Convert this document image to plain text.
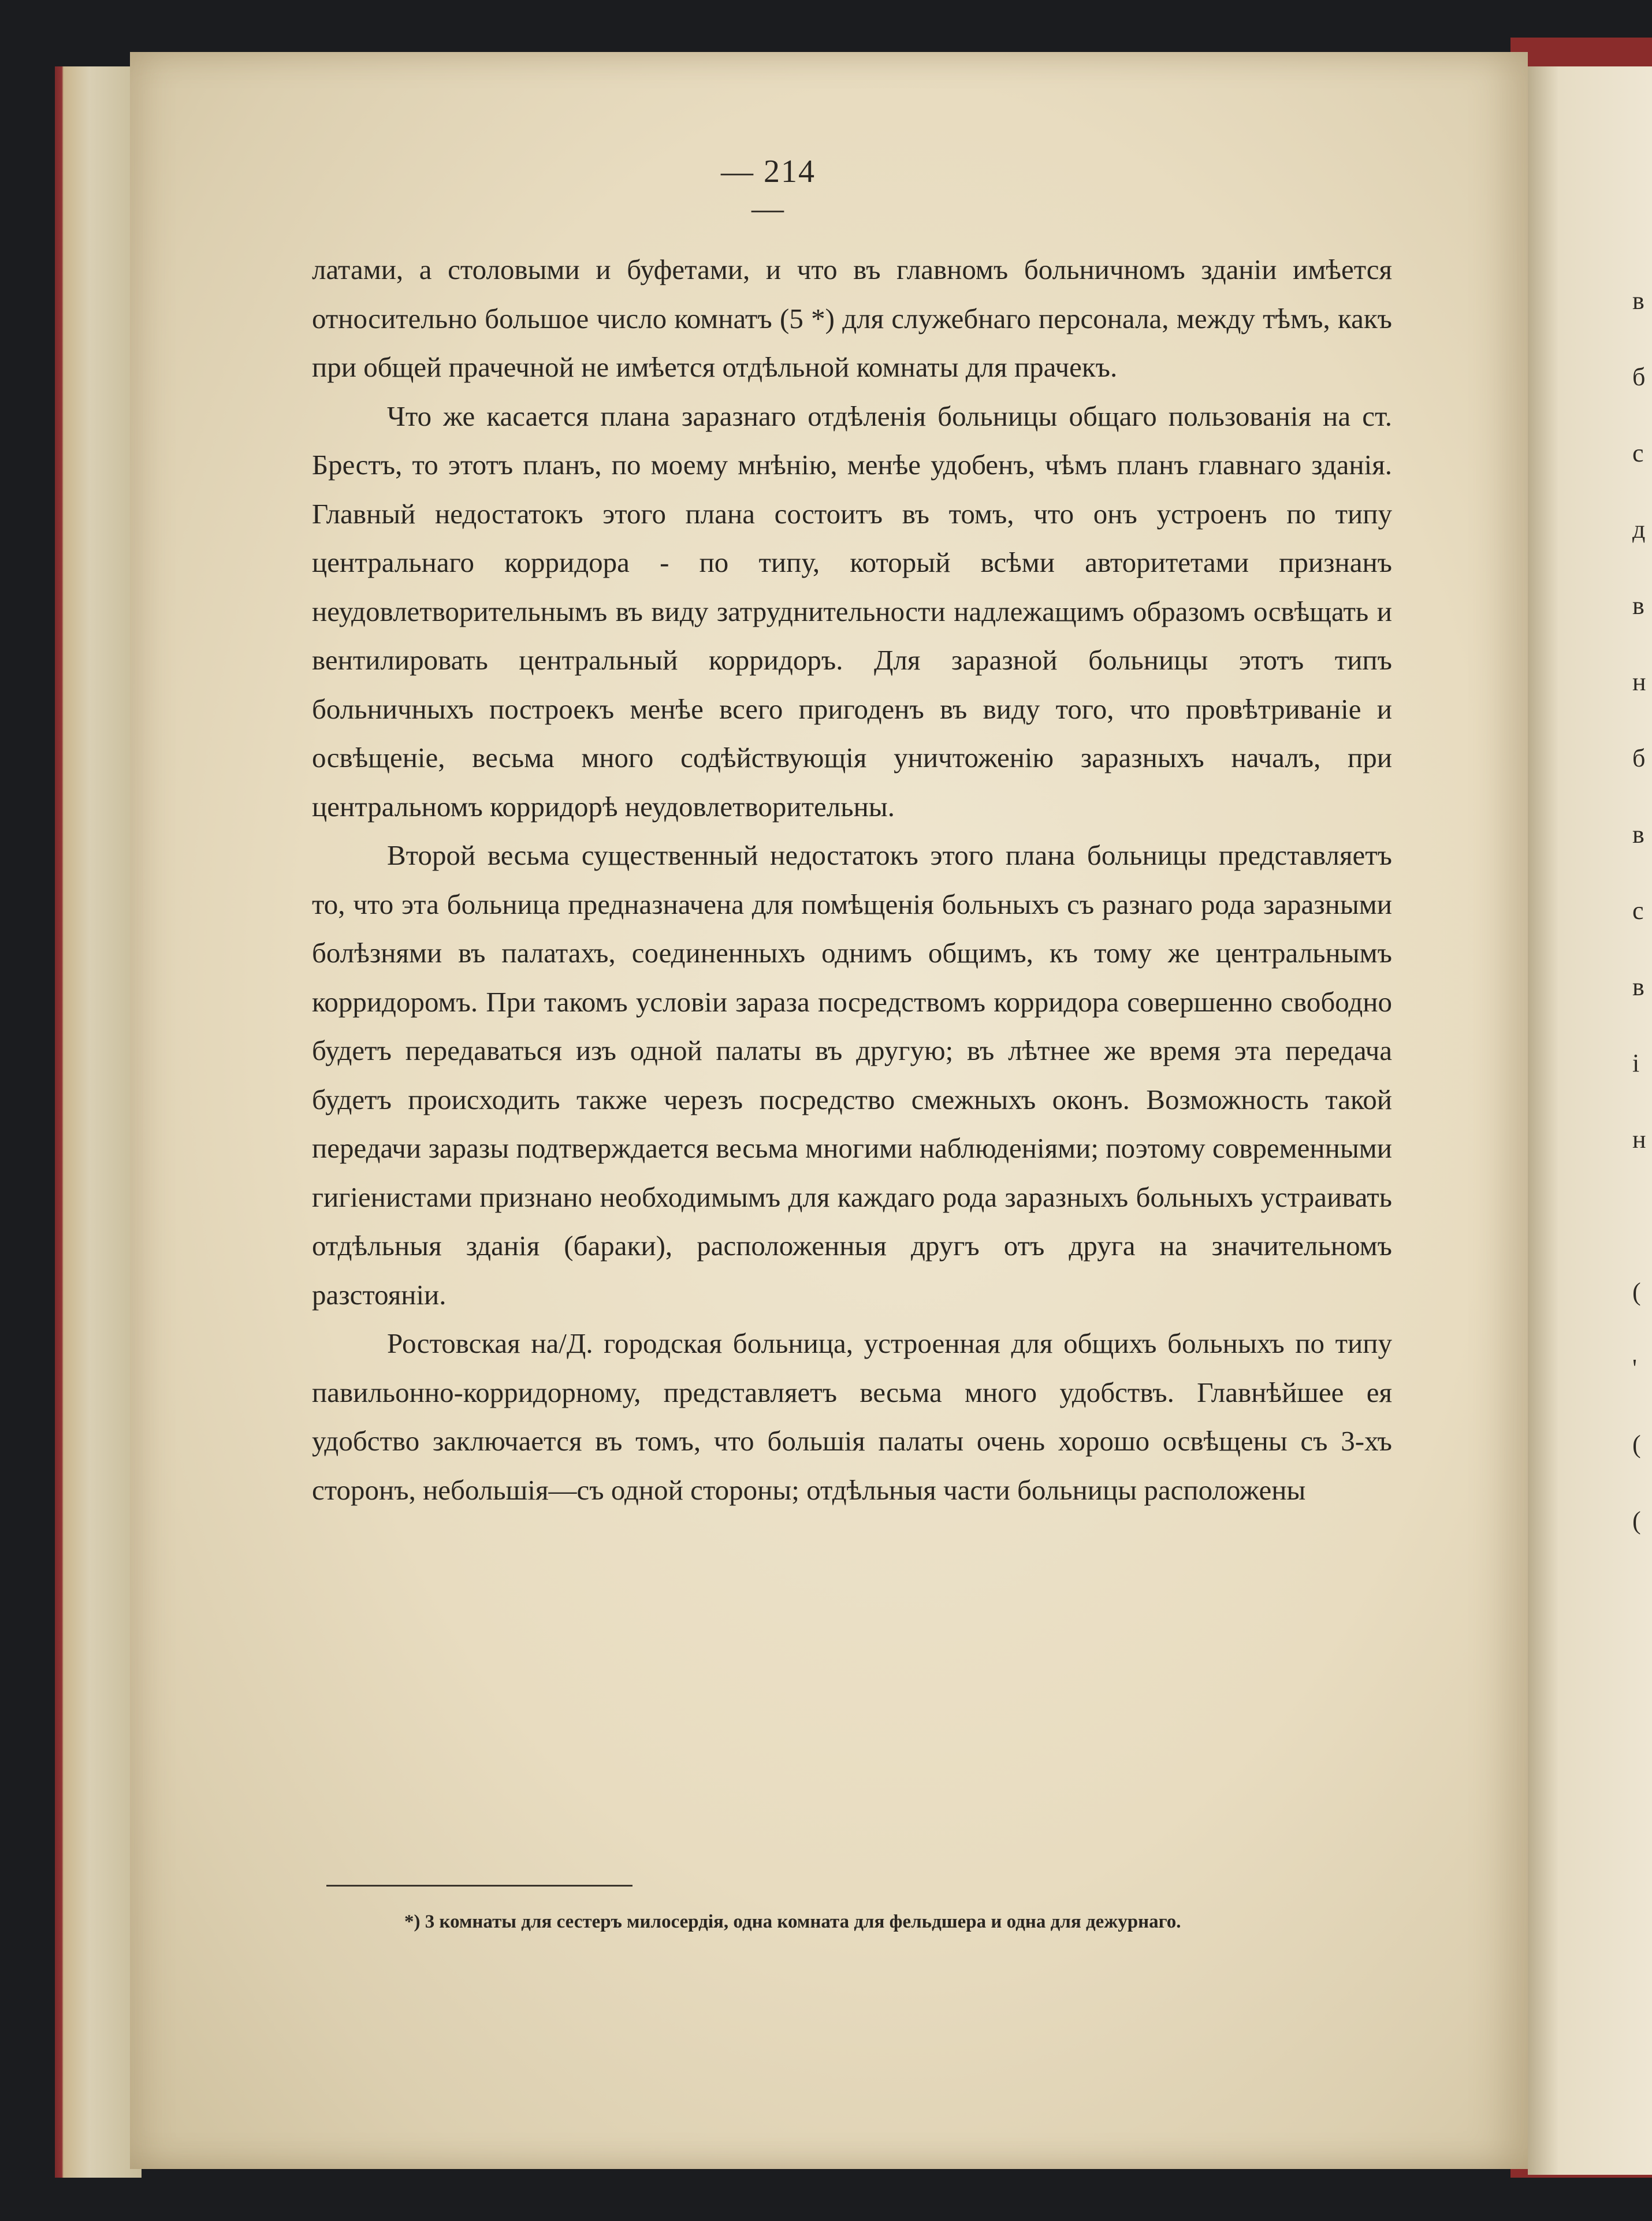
в
б
с
д
в
н
б
в
с
в
і
н

(
'
(
(
— 214 —

латами, а столовыми и буфетами, и что въ главномъ больничномъ зданіи имѣется относительно большое число комнатъ (5 *) для служебнаго персонала, между тѣмъ, какъ при общей прачечной не имѣется отдѣльной комнаты для прачекъ.

Что же касается плана заразнаго отдѣленія больницы общаго пользованія на ст. Брестъ, то этотъ планъ, по моему мнѣнію, менѣе удобенъ, чѣмъ планъ главнаго зданія. Главный недостатокъ этого плана состоитъ въ томъ, что онъ устроенъ по типу центральнаго корридора - по типу, который всѣми авторитетами признанъ неудовлетворительнымъ въ виду затруднительности надлежащимъ образомъ освѣщать и вентилировать центральный корридоръ. Для заразной больницы этотъ типъ больничныхъ построекъ менѣе всего пригоденъ въ виду того, что провѣтриваніе и освѣщеніе, весьма много содѣйствующія уничтоженію заразныхъ началъ, при центральномъ корридорѣ неудовлетворительны.

Второй весьма существенный недостатокъ этого плана больницы представляетъ то, что эта больница предназначена для помѣщенія больныхъ съ разнаго рода заразными болѣзнями въ палатахъ, соединенныхъ однимъ общимъ, къ тому же центральнымъ корридоромъ. При такомъ условіи зараза посредствомъ корридора совершенно свободно будетъ передаваться изъ одной палаты въ другую; въ лѣтнее же время эта передача будетъ происходить также черезъ посредство смежныхъ оконъ. Возможность такой передачи заразы подтверждается весьма многими наблюденіями; поэтому современными гигіенистами признано необходимымъ для каждаго рода заразныхъ больныхъ устраивать отдѣльныя зданія (бараки), расположенныя другъ отъ друга на значительномъ разстояніи.

Ростовская на/Д. городская больница, устроенная для общихъ больныхъ по типу павильонно-корридорному, представляетъ весьма много удобствъ. Главнѣйшее ея удобство заключается въ томъ, что большія палаты очень хорошо освѣщены съ 3-хъ сторонъ, небольшія—съ одной стороны; отдѣльныя части больницы расположены

*) 3 комнаты для сестеръ милосердія, одна комната для фельдшера и одна для дежурнаго.
